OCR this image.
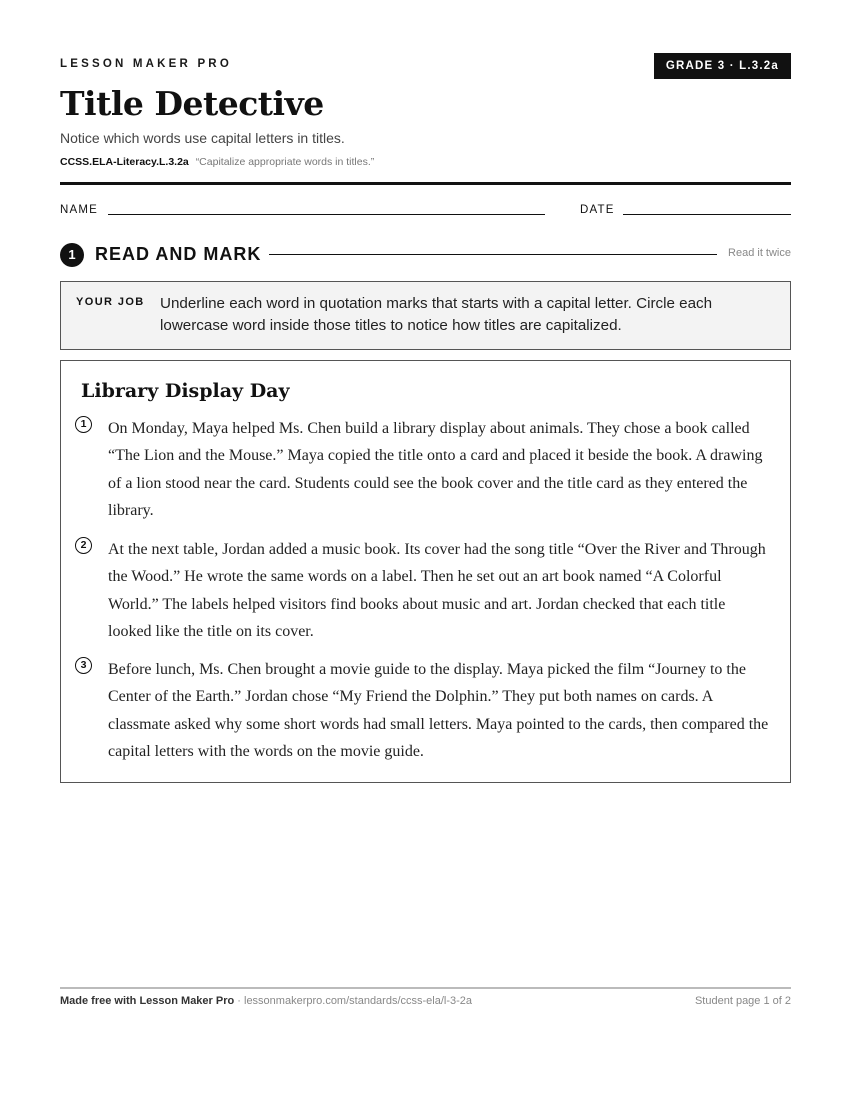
LESSON MAKER PRO	GRADE 3 · L.3.2a
Title Detective
Notice which words use capital letters in titles.
CCSS.ELA-Literacy.L.3.2a “Capitalize appropriate words in titles.”
NAME	DATE
1	READ AND MARK	Read it twice
YOUR JOB Underline each word in quotation marks that starts with a capital letter. Circle each lowercase word inside those titles to notice how titles are capitalized.
Library Display Day
1	On Monday, Maya helped Ms. Chen build a library display about animals. They chose a book called “The Lion and the Mouse.” Maya copied the title onto a card and placed it beside the book. A drawing of a lion stood near the card. Students could see the book cover and the title card as they entered the library.
2	At the next table, Jordan added a music book. Its cover had the song title “Over the River and Through the Wood.” He wrote the same words on a label. Then he set out an art book named “A Colorful World.” The labels helped visitors find books about music and art. Jordan checked that each title looked like the title on its cover.
3	Before lunch, Ms. Chen brought a movie guide to the display. Maya picked the film “Journey to the Center of the Earth.” Jordan chose “My Friend the Dolphin.” They put both names on cards. A classmate asked why some short words had small letters. Maya pointed to the cards, then compared the capital letters with the words on the movie guide.
Made free with Lesson Maker Pro · lessonmakerpro.com/standards/ccss-ela/l-3-2a	Student page 1 of 2
